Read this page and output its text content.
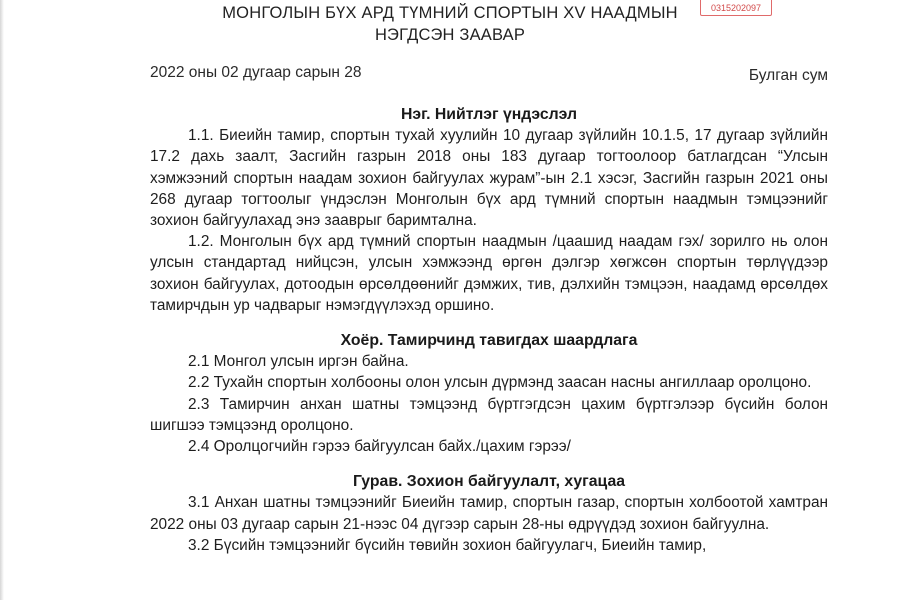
0315202097
МОНГОЛЫН БҮХ АРД ТҮМНИЙ СПОРТЫН XV НААДМЫН
НЭГДСЭН ЗААВАР
2022 оны 02 дугаар сарын 28	Булган сум

Нэг. Нийтлэг үндэслэл

1.1. Биеийн тамир, спортын тухай хуулийн 10 дугаар зүйлийн 10.1.5, 17 дугаар зүйлийн 17.2 дахь заалт, Засгийн газрын 2018 оны 183 дугаар тогтоолоор батлагдсан “Улсын хэмжээний спортын наадам зохион байгуулах журам”-ын 2.1 хэсэг, Засгийн газрын 2021 оны 268 дугаар тогтоолыг үндэслэн Монголын бүх ард түмний спортын наадмын тэмцээнийг зохион байгуулахад энэ зааврыг баримтална.

1.2. Монголын бүх ард түмний спортын наадмын /цаашид наадам гэх/ зорилго нь олон улсын стандартад нийцсэн, улсын хэмжээнд өргөн дэлгэр хөгжсөн спортын төрлүүдээр зохион байгуулах, дотоодын өрсөлдөөнийг дэмжих, тив, дэлхийн тэмцээн, наадамд өрсөлдөх тамирчдын ур чадварыг нэмэгдүүлэхэд оршино.

Хоёр. Тамирчинд тавигдах шаардлага

2.1 Монгол улсын иргэн байна.

2.2 Тухайн спортын холбооны олон улсын дүрмэнд заасан насны ангиллаар оролцоно.

2.3 Тамирчин анхан шатны тэмцээнд бүртгэгдсэн цахим бүртгэлээр бүсийн болон шигшээ тэмцээнд оролцоно.

2.4 Оролцогчийн гэрээ байгуулсан байх./цахим гэрээ/

Гурав. Зохион байгуулалт, хугацаа

3.1 Анхан шатны тэмцээнийг Биеийн тамир, спортын газар, спортын холбоотой хамтран 2022 оны 03 дугаар сарын 21-нээс 04 дүгээр сарын 28-ны өдрүүдэд зохион байгуулна.

3.2 Бүсийн тэмцээнийг бүсийн төвийн зохион байгуулагч, Биеийн тамир,
